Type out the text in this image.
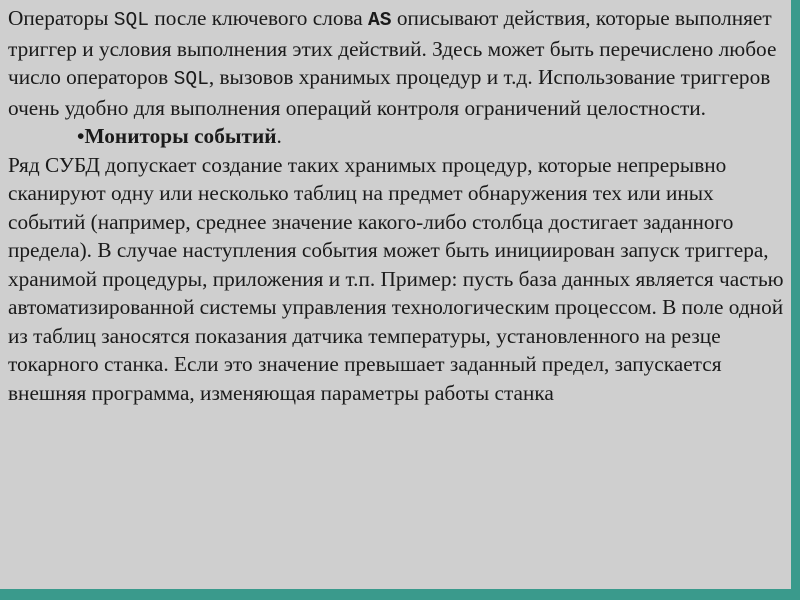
Операторы SQL после ключевого слова AS описывают действия, которые выполняет триггер и условия выполнения этих действий. Здесь может быть перечислено любое число операторов SQL, вызовов хранимых процедур и т.д. Использование триггеров очень удобно для выполнения операций контроля ограничений целостности.

•Мониторы событий.

Ряд СУБД допускает создание таких хранимых процедур, которые непрерывно сканируют одну или несколько таблиц на предмет обнаружения тех или иных событий (например, среднее значение какого-либо столбца достигает заданного предела). В случае наступления события может быть инициирован запуск триггера, хранимой процедуры, приложения и т.п. Пример: пусть база данных является частью автоматизированной системы управления технологическим процессом. В поле одной из таблиц заносятся показания датчика температуры, установленного на резце токарного станка. Если это значение превышает заданный предел, запускается внешняя программа, изменяющая параметры работы станка
